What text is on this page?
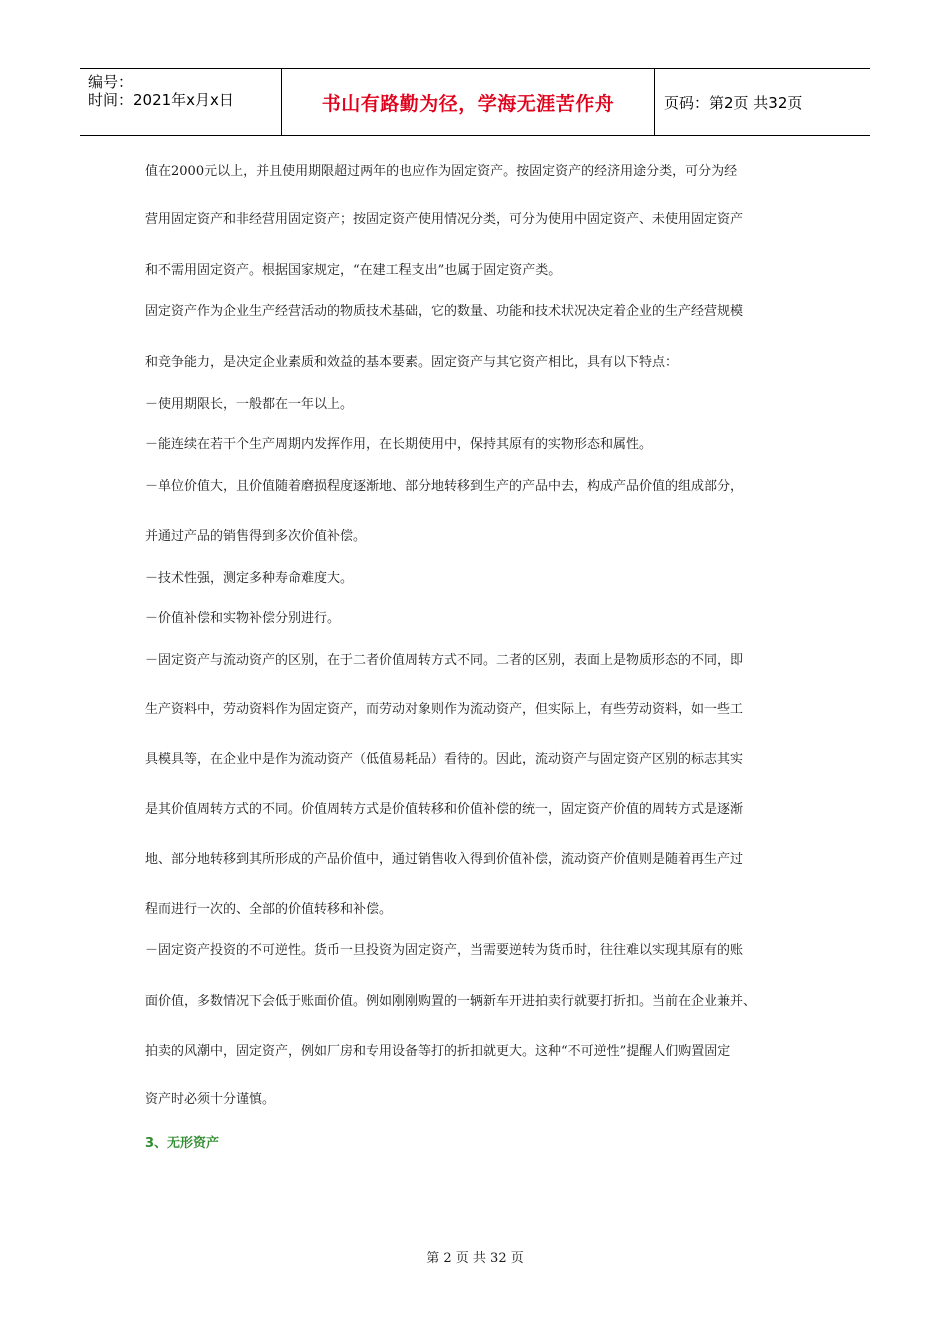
编号：
时间：2021年x月x日	书山有路勤为径，学海无涯苦作舟	页码：第2页 共32页
值在2000元以上，并且使用期限超过两年的也应作为固定资产。按固定资产的经济用途分类，可分为经
营用固定资产和非经营用固定资产；按固定资产使用情况分类，可分为使用中固定资产、未使用固定资产
和不需用固定资产。根据国家规定，“在建工程支出”也属于固定资产类。
固定资产作为企业生产经营活动的物质技术基础，它的数量、功能和技术状况决定着企业的生产经营规模
和竞争能力，是决定企业素质和效益的基本要素。固定资产与其它资产相比，具有以下特点：
－使用期限长，一般都在一年以上。
－能连续在若干个生产周期内发挥作用，在长期使用中，保持其原有的实物形态和属性。
－单位价值大，且价值随着磨损程度逐渐地、部分地转移到生产的产品中去，构成产品价值的组成部分，
并通过产品的销售得到多次价值补偿。
－技术性强，测定多种寿命难度大。
－价值补偿和实物补偿分别进行。
－固定资产与流动资产的区别，在于二者价值周转方式不同。二者的区别，表面上是物质形态的不同，即
生产资料中，劳动资料作为固定资产，而劳动对象则作为流动资产，但实际上，有些劳动资料，如一些工
具模具等，在企业中是作为流动资产（低值易耗品）看待的。因此，流动资产与固定资产区别的标志其实
是其价值周转方式的不同。价值周转方式是价值转移和价值补偿的统一，固定资产价值的周转方式是逐渐
地、部分地转移到其所形成的产品价值中，通过销售收入得到价值补偿，流动资产价值则是随着再生产过
程而进行一次的、全部的价值转移和补偿。
－固定资产投资的不可逆性。货币一旦投资为固定资产，当需要逆转为货币时，往往难以实现其原有的账
面价值，多数情况下会低于账面价值。例如刚刚购置的一辆新车开进拍卖行就要打折扣。当前在企业兼并、
拍卖的风潮中，固定资产，例如厂房和专用设备等打的折扣就更大。这种“不可逆性”提醒人们购置固定
资产时必须十分谨慎。
3、无形资产
第 2 页 共 32 页
